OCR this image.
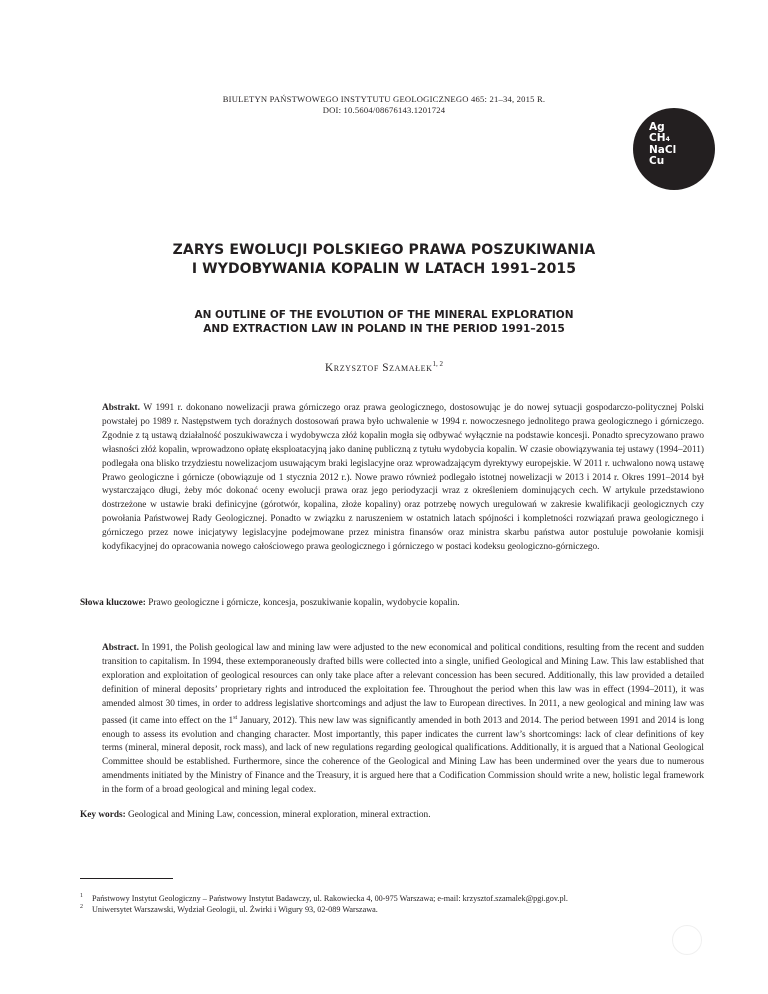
BIULETYN PAŃSTWOWEGO INSTYTUTU GEOLOGICZNEGO 465: 21–34, 2015 R.
DOI: 10.5604/08676143.1201724
Ag
CH₄
NaCl
Cu
ZARYS EWOLUCJI POLSKIEGO PRAWA POSZUKIWANIA
I WYDOBYWANIA KOPALIN W LATACH 1991–2015
AN OUTLINE OF THE EVOLUTION OF THE MINERAL EXPLORATION
AND EXTRACTION LAW IN POLAND IN THE PERIOD 1991–2015
Krzysztof Szamałek$^{1, 2}$
Abstrakt. W 1991 r. dokonano nowelizacji prawa górniczego oraz prawa geologicznego, dostosowując je do nowej sytuacji gospodarczo-politycznej Polski powstałej po 1989 r. Następstwem tych doraźnych dostosowań prawa było uchwalenie w 1994 r. nowoczesnego jednolitego prawa geologicznego i górniczego. Zgodnie z tą ustawą działalność poszukiwawcza i wydobywcza złóż kopalin mogła się odbywać wyłącznie na podstawie koncesji. Ponadto sprecyzowano prawo własności złóż kopalin, wprowadzono opłatę eksploatacyjną jako daninę publiczną z tytułu wydobycia kopalin. W czasie obowiązywania tej ustawy (1994–2011) podlegała ona blisko trzydziestu nowelizacjom usuwającym braki legislacyjne oraz wprowadzającym dyrektywy europejskie. W 2011 r. uchwalono nową ustawę Prawo geologiczne i górnicze (obowiązuje od 1 stycznia 2012 r.). Nowe prawo również podlegało istotnej nowelizacji w 2013 i 2014 r. Okres 1991–2014 był wystarczająco długi, żeby móc dokonać oceny ewolucji prawa oraz jego periodyzacji wraz z określeniem dominujących cech. W artykule przedstawiono dostrzeżone w ustawie braki definicyjne (górotwór, kopalina, złoże kopaliny) oraz potrzebę nowych uregulowań w zakresie kwalifikacji geologicznych czy powołania Państwowej Rady Geologicznej. Ponadto w związku z naruszeniem w ostatnich latach spójności i kompletności rozwiązań prawa geologicznego i górniczego przez nowe inicjatywy legislacyjne podejmowane przez ministra finansów oraz ministra skarbu państwa autor postuluje powołanie komisji kodyfikacyjnej do opracowania nowego całościowego prawa geologicznego i górniczego w postaci kodeksu geologiczno-górniczego.
Słowa kluczowe: Prawo geologiczne i górnicze, koncesja, poszukiwanie kopalin, wydobycie kopalin.
Abstract. In 1991, the Polish geological law and mining law were adjusted to the new economical and political conditions, resulting from the recent and sudden transition to capitalism. In 1994, these extemporaneously drafted bills were collected into a single, unified Geological and Mining Law. This law established that exploration and exploitation of geological resources can only take place after a relevant concession has been secured. Additionally, this law provided a detailed definition of mineral deposits’ proprietary rights and introduced the exploitation fee. Throughout the period when this law was in effect (1994–2011), it was amended almost 30 times, in order to address legislative shortcomings and adjust the law to European directives. In 2011, a new geological and mining law was passed (it came into effect on the 1st January, 2012). This new law was significantly amended in both 2013 and 2014. The period between 1991 and 2014 is long enough to assess its evolution and changing character. Most importantly, this paper indicates the current law’s shortcomings: lack of clear definitions of key terms (mineral, mineral deposit, rock mass), and lack of new regulations regarding geological qualifications. Additionally, it is argued that a National Geological Committee should be established. Furthermore, since the coherence of the Geological and Mining Law has been undermined over the years due to numerous amendments initiated by the Ministry of Finance and the Treasury, it is argued here that a Codification Commission should write a new, holistic legal framework in the form of a broad geological and mining legal codex.
Key words: Geological and Mining Law, concession, mineral exploration, mineral extraction.
1 Państwowy Instytut Geologiczny – Państwowy Instytut Badawczy, ul. Rakowiecka 4, 00-975 Warszawa; e-mail: krzysztof.szamalek@pgi.gov.pl.
2 Uniwersytet Warszawski, Wydział Geologii, ul. Żwirki i Wigury 93, 02-089 Warszawa.
